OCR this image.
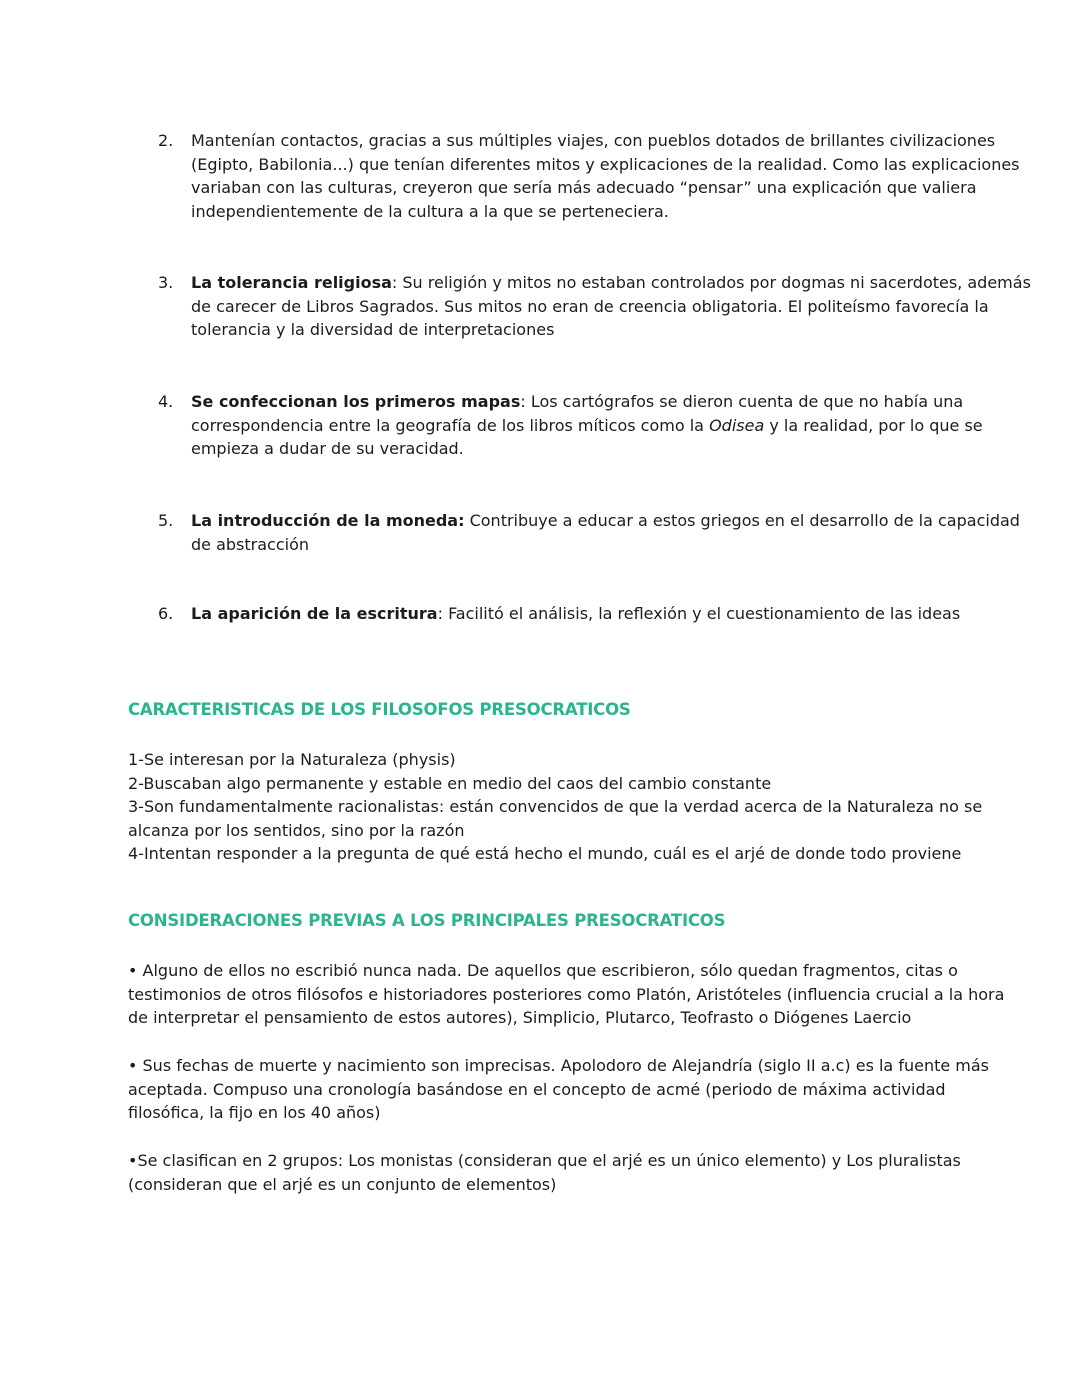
2.	Mantenían contactos, gracias a sus múltiples viajes, con pueblos dotados de brillantes civilizaciones
(Egipto, Babilonia...) que tenían diferentes mitos y explicaciones de la realidad. Como las explicaciones
variaban con las culturas, creyeron que sería más adecuado “pensar” una explicación que valiera
independientemente de la cultura a la que se perteneciera.
3.	La tolerancia religiosa: Su religión y mitos no estaban controlados por dogmas ni sacerdotes, además
de carecer de Libros Sagrados. Sus mitos no eran de creencia obligatoria. El politeísmo favorecía la
tolerancia y la diversidad de interpretaciones
4.	Se confeccionan los primeros mapas: Los cartógrafos se dieron cuenta de que no había una
correspondencia entre la geografía de los libros míticos como la Odisea y la realidad, por lo que se
empieza a dudar de su veracidad.
5.	La introducción de la moneda: Contribuye a educar a estos griegos en el desarrollo de la capacidad
de abstracción
6.	La aparición de la escritura: Facilitó el análisis, la reflexión y el cuestionamiento de las ideas
CARACTERISTICAS DE LOS FILOSOFOS PRESOCRATICOS
1-Se interesan por la Naturaleza (physis)
2-Buscaban algo permanente y estable en medio del caos del cambio constante
3-Son fundamentalmente racionalistas: están convencidos de que la verdad acerca de la Naturaleza no se
alcanza por los sentidos, sino por la razón
4-Intentan responder a la pregunta de qué está hecho el mundo, cuál es el arjé de donde todo proviene
CONSIDERACIONES PREVIAS A LOS PRINCIPALES PRESOCRATICOS
• Alguno de ellos no escribió nunca nada. De aquellos que escribieron, sólo quedan fragmentos, citas o
testimonios de otros filósofos e historiadores posteriores como Platón, Aristóteles (influencia crucial a la hora
de interpretar el pensamiento de estos autores), Simplicio, Plutarco, Teofrasto o Diógenes Laercio
• Sus fechas de muerte y nacimiento son imprecisas. Apolodoro de Alejandría (siglo II a.c) es la fuente más
aceptada. Compuso una cronología basándose en el concepto de acmé (periodo de máxima actividad
filosófica, la fijo en los 40 años)
•Se clasifican en 2 grupos: Los monistas (consideran que el arjé es un único elemento) y Los pluralistas
(consideran que el arjé es un conjunto de elementos)
